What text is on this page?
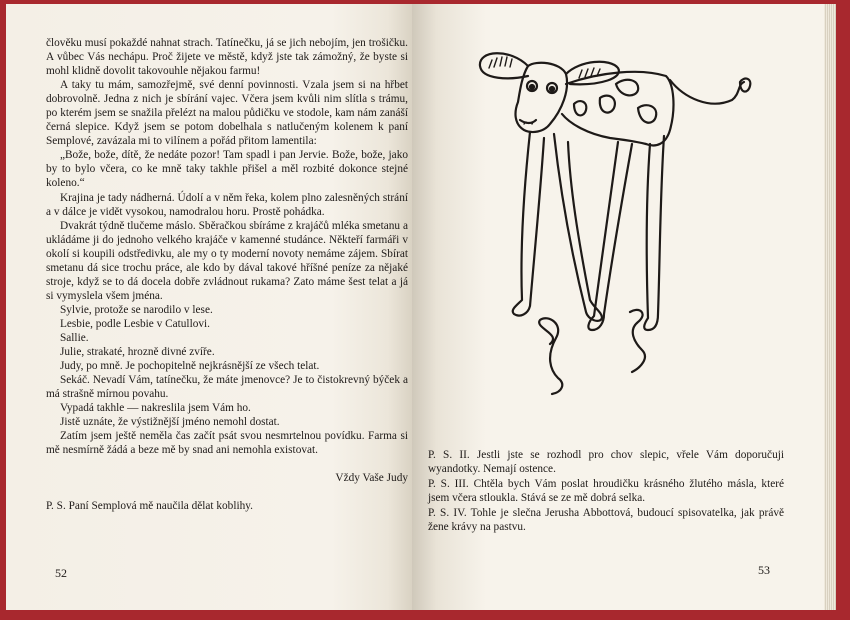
člověku musí pokaždé nahnat strach. Tatínečku, já se jich nebojím, jen trošičku. A vůbec Vás nechápu. Proč žijete ve městě, když jste tak zámožný, že byste si mohl klidně dovolit takovouhle nějakou farmu!

A taky tu mám, samozřejmě, své denní povinnosti. Vzala jsem si na hřbet dobrovolně. Jedna z nich je sbírání vajec. Včera jsem kvůli nim slítla s trámu, po kterém jsem se snažila přelézt na malou půdičku ve stodole, kam nám zanáší černá slepice. Když jsem se potom dobelhala s natlučeným kolenem k paní Semplové, zavázala mi to vilínem a pořád přitom lamentila:

„Bože, bože, dítě, že nedáte pozor! Tam spadl i pan Jervie. Bože, bože, jako by to bylo včera, co ke mně taky takhle přišel a měl rozbité dokonce stejné koleno.“

Krajina je tady nádherná. Údolí a v něm řeka, kolem plno zalesněných strání a v dálce je vidět vysokou, namodralou horu. Prostě pohádka.

Dvakrát týdně tlučeme máslo. Sběračkou sbíráme z krajáčů mléka smetanu a ukládáme ji do jednoho velkého krajáče v kamenné studánce. Někteří farmáři v okolí si koupili odstředivku, ale my o ty moderní novoty nemáme zájem. Sbírat smetanu dá sice trochu práce, ale kdo by dával takové hříšné peníze za nějaké stroje, když se to dá docela dobře zvládnout rukama? Zato máme šest telat a já si vymyslela všem jména.

Sylvie, protože se narodilo v lese.

Lesbie, podle Lesbie v Catullovi.

Sallie.

Julie, strakaté, hrozně divné zvíře.

Judy, po mně. Je pochopitelně nejkrásnější ze všech telat.

Sekáč. Nevadí Vám, tatínečku, že máte jmenovce? Je to čistokrevný býček a má strašně mírnou povahu.

Vypadá takhle — nakreslila jsem Vám ho.

Jistě uznáte, že výstižnější jméno nemohl dostat.

Zatím jsem ještě neměla čas začít psát svou nesmrtelnou povídku. Farma si mě nesmírně žádá a beze mě by snad ani nemohla existovat.

Vždy Vaše Judy

P. S. Paní Semplová mě naučila dělat koblihy.

52

P. S. II. Jestli jste se rozhodl pro chov slepic, vřele Vám doporučuji wyandotky. Nemají ostence.

P. S. III. Chtěla bych Vám poslat hroudičku krásného žlutého másla, které jsem včera stloukla. Stává se ze mě dobrá selka.

P. S. IV. Tohle je slečna Jerusha Abbottová, budoucí spisovatelka, jak právě žene krávy na pastvu.

53
